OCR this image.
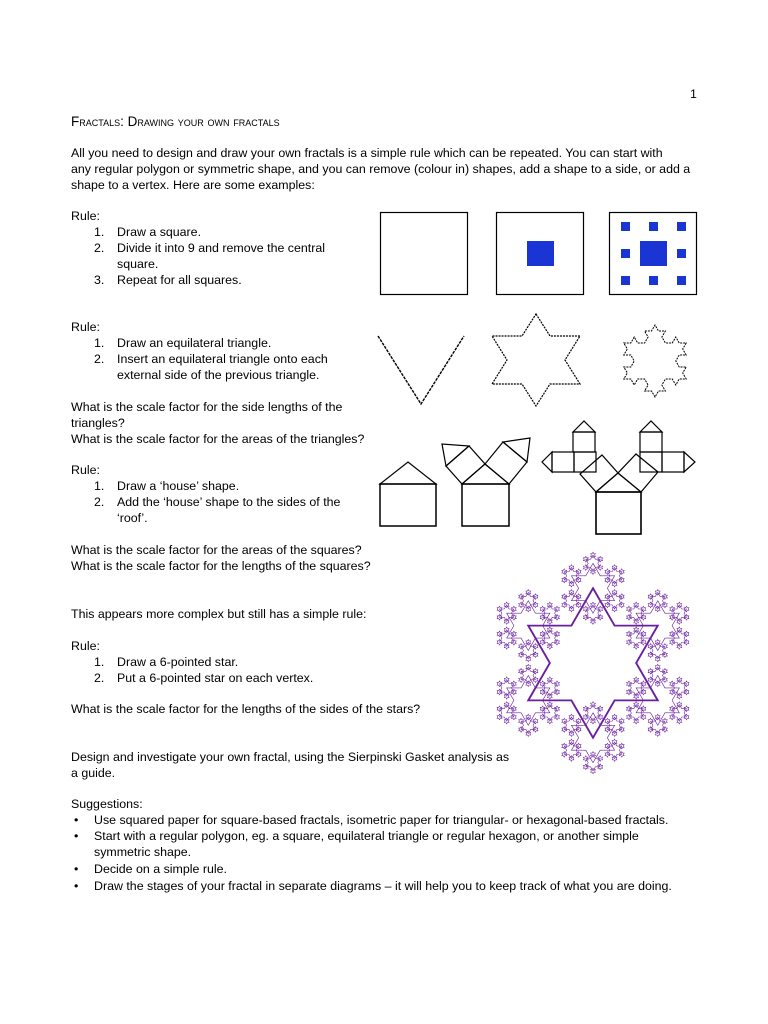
1
Fractals: Drawing your own fractals
All you need to design and draw your own fractals is a simple rule which can be repeated. You can start with
any regular polygon or symmetric shape, and you can remove (colour in) shapes, add a shape to a side, or add a
shape to a vertex. Here are some examples:
Rule:
1. Draw a square.
2. Divide it into 9 and remove the central
square.
3. Repeat for all squares.
Rule:
1. Draw an equilateral triangle.
2. Insert an equilateral triangle onto each
external side of the previous triangle.
What is the scale factor for the side lengths of the
triangles?
What is the scale factor for the areas of the triangles?
Rule:
1. Draw a ‘house’ shape.
2. Add the ‘house’ shape to the sides of the
‘roof’.
What is the scale factor for the areas of the squares?
What is the scale factor for the lengths of the squares?
This appears more complex but still has a simple rule:
Rule:
1. Draw a 6-pointed star.
2. Put a 6-pointed star on each vertex.
What is the scale factor for the lengths of the sides of the stars?
Design and investigate your own fractal, using the Sierpinski Gasket analysis as
a guide.
Suggestions:
• Use squared paper for square-based fractals, isometric paper for triangular- or hexagonal-based fractals.
• Start with a regular polygon, eg. a square, equilateral triangle or regular hexagon, or another simple
symmetric shape.
• Decide on a simple rule.
• Draw the stages of your fractal in separate diagrams – it will help you to keep track of what you are doing.
